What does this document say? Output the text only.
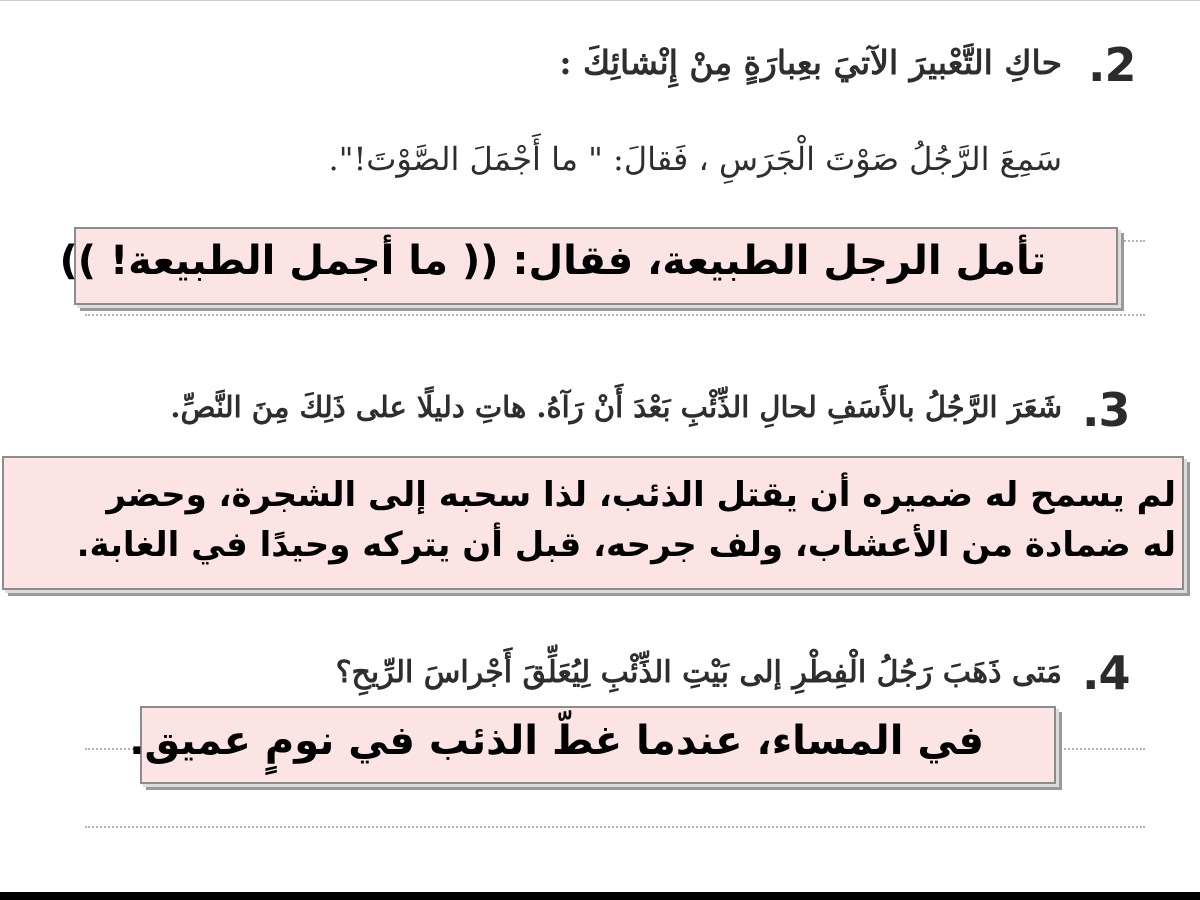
.2
حاكِ التَّعْبيرَ الآتيَ بعِبارَةٍ مِنْ إِنْشائِكَ :
سَمِعَ الرَّجُلُ صَوْتَ الْجَرَسِ ، فَقالَ: " ما أَجْمَلَ الصَّوْتَ!".
تأمل الرجل الطبيعة، فقال: (( ما أجمل الطبيعة! ))
.3
شَعَرَ الرَّجُلُ بالأَسَفِ لحالِ الذِّئْبِ بَعْدَ أَنْ رَآهُ. هاتِ دليلًا على ذَلِكَ مِنَ النَّصِّ.
لم يسمح له ضميره أن يقتل الذئب، لذا سحبه إلى الشجرة، وحضر
له ضمادة من الأعشاب، ولف جرحه، قبل أن يتركه وحيدًا في الغابة.
.4
مَتى ذَهَبَ رَجُلُ الْفِطْرِ إلى بَيْتِ الذِّئْبِ لِيُعَلِّقَ أَجْراسَ الرِّيحِ؟
في المساء، عندما غطّ الذئب في نومٍ عميق.
